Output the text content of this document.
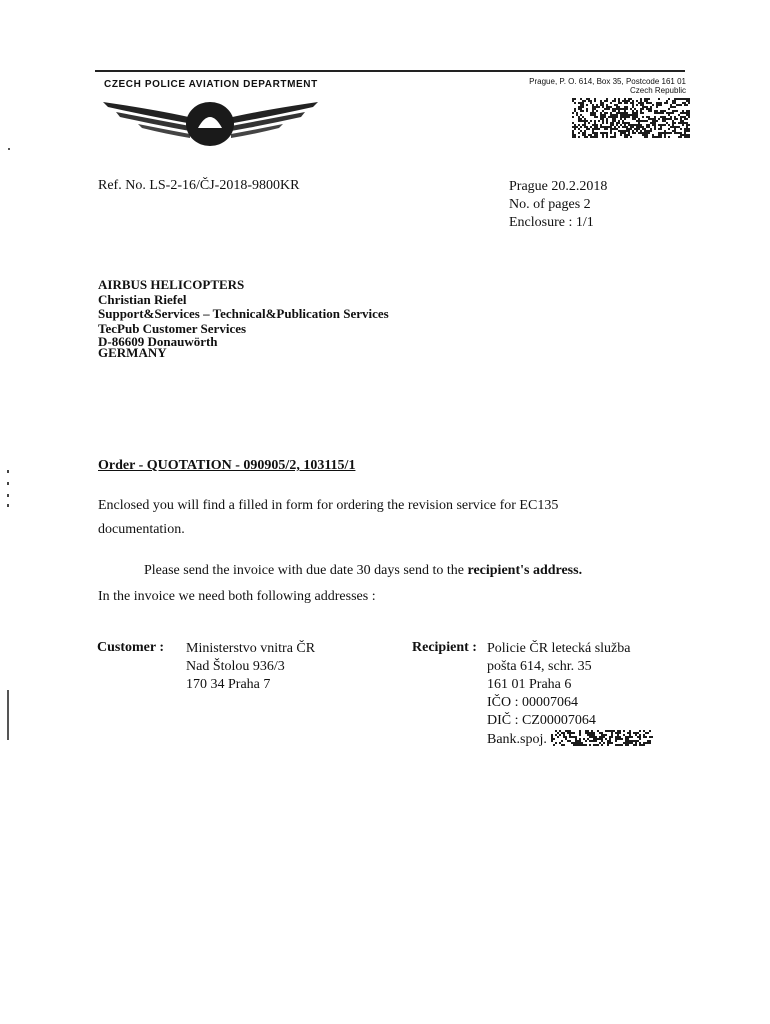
CZECH POLICE AVIATION DEPARTMENT	Prague, P. O. 614, Box 35, Postcode 161 01
Czech Republic
Ref. No. LS-2-16/ČJ-2018-9800KR	Prague 20.2.2018
No. of pages 2
Enclosure : 1/1
AIRBUS HELICOPTERS
Christian Riefel
Support&Services – Technical&Publication Services
TecPub Customer Services
D-86609 Donauwörth
GERMANY
Order - QUOTATION - 090905/2, 103115/1
Enclosed you will find a filled in form for ordering the revision service for EC135 documentation.
Please send the invoice with due date 30 days send to the recipient's address.
In the invoice we need both following addresses :
Customer : Ministerstvo vnitra ČR
Nad Štolou 936/3
170 34 Praha 7
Recipient : Policie ČR letecká služba
pošta 614, schr. 35
161 01 Praha 6
IČO : 00007064
DIČ : CZ00007064
Bank.spoj.
